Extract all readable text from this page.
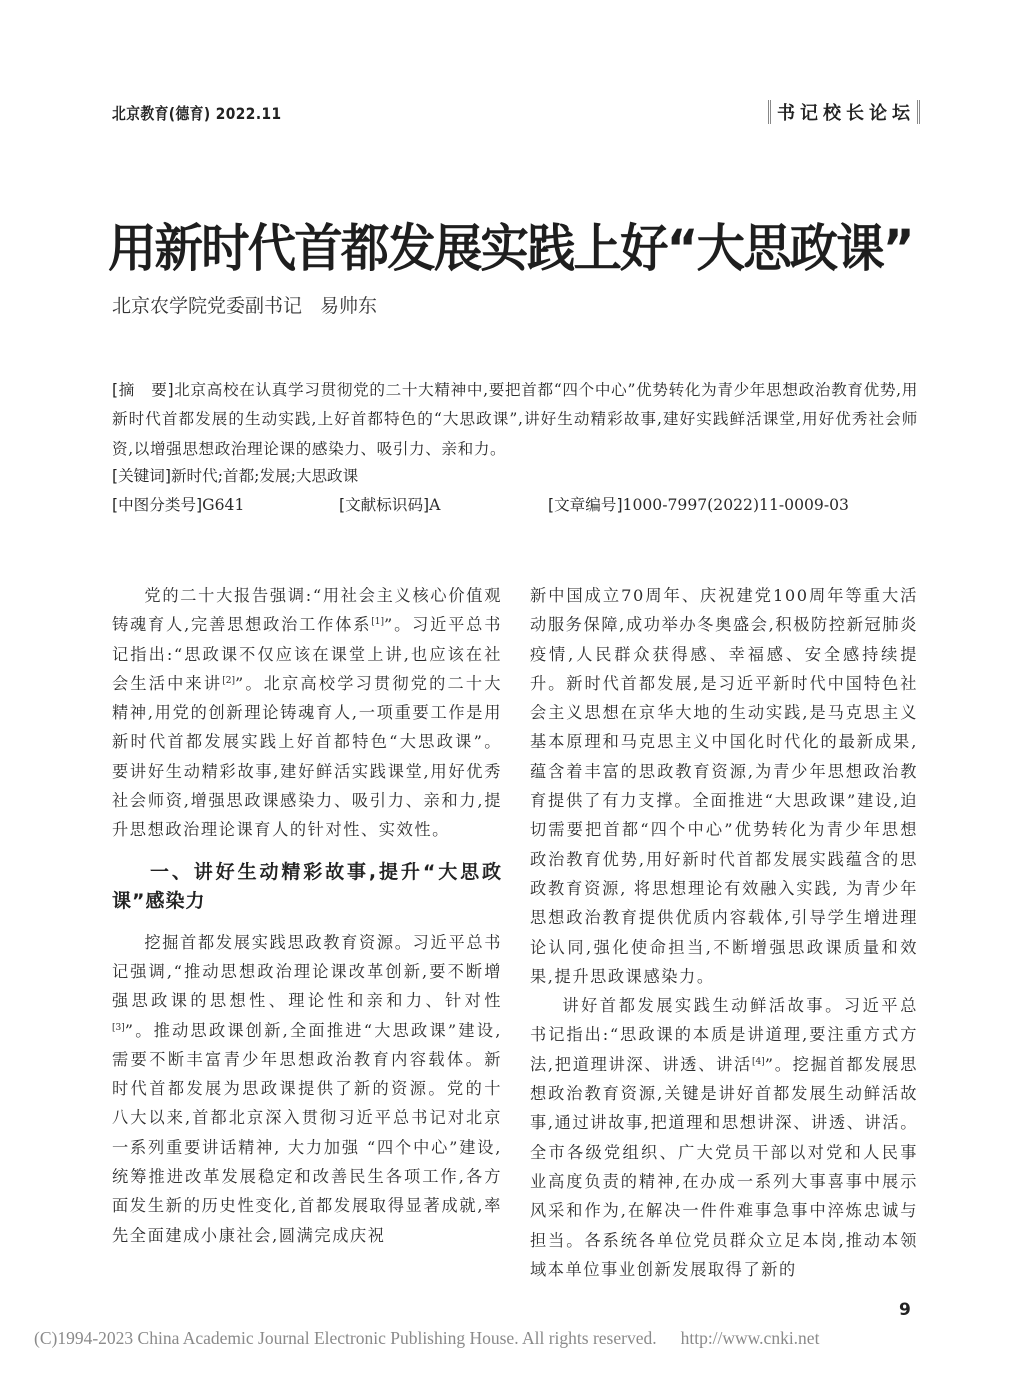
北京教育(德育) 2022.11	书记校长论坛
用新时代首都发展实践上好“大思政课”
北京农学院党委副书记 易帅东
[摘　要]北京高校在认真学习贯彻党的二十大精神中,要把首都“四个中心”优势转化为青少年思想政治教育优势,用新时代首都发展的生动实践,上好首都特色的“大思政课”,讲好生动精彩故事,建好实践鲜活课堂,用好优秀社会师资,以增强思想政治理论课的感染力、吸引力、亲和力。
[关键词]新时代;首都;发展;大思政课
[中图分类号]G641	[文献标识码]A	[文章编号]1000-7997(2022)11-0009-03

党的二十大报告强调:“用社会主义核心价值观铸魂育人,完善思想政治工作体系[1]”。习近平总书记指出:“思政课不仅应该在课堂上讲,也应该在社会生活中来讲[2]”。北京高校学习贯彻党的二十大精神,用党的创新理论铸魂育人,一项重要工作是用新时代首都发展实践上好首都特色“大思政课”。要讲好生动精彩故事,建好鲜活实践课堂,用好优秀社会师资,增强思政课感染力、吸引力、亲和力,提升思想政治理论课育人的针对性、实效性。

一、讲好生动精彩故事,提升“大思政课”感染力

挖掘首都发展实践思政教育资源。习近平总书记强调,“推动思想政治理论课改革创新,要不断增强思政课的思想性、理论性和亲和力、针对性[3]”。推动思政课创新,全面推进“大思政课”建设,需要不断丰富青少年思想政治教育内容载体。新时代首都发展为思政课提供了新的资源。党的十八大以来,首都北京深入贯彻习近平总书记对北京一系列重要讲话精神, 大力加强 “四个中心”建设, 统筹推进改革发展稳定和改善民生各项工作,各方面发生新的历史性变化,首都发展取得显著成就,率先全面建成小康社会,圆满完成庆祝

新中国成立70周年、庆祝建党100周年等重大活动服务保障,成功举办冬奥盛会,积极防控新冠肺炎疫情,人民群众获得感、幸福感、安全感持续提升。新时代首都发展,是习近平新时代中国特色社会主义思想在京华大地的生动实践,是马克思主义基本原理和马克思主义中国化时代化的最新成果,蕴含着丰富的思政教育资源,为青少年思想政治教育提供了有力支撑。全面推进“大思政课”建设,迫切需要把首都“四个中心”优势转化为青少年思想政治教育优势,用好新时代首都发展实践蕴含的思政教育资源, 将思想理论有效融入实践, 为青少年思想政治教育提供优质内容载体,引导学生增进理论认同,强化使命担当,不断增强思政课质量和效果,提升思政课感染力。

讲好首都发展实践生动鲜活故事。习近平总书记指出:“思政课的本质是讲道理,要注重方式方法,把道理讲深、讲透、讲活[4]”。挖掘首都发展思想政治教育资源,关键是讲好首都发展生动鲜活故事,通过讲故事,把道理和思想讲深、讲透、讲活。全市各级党组织、广大党员干部以对党和人民事业高度负责的精神,在办成一系列大事喜事中展示风采和作为,在解决一件件难事急事中淬炼忠诚与担当。各系统各单位党员群众立足本岗,推动本领域本单位事业创新发展取得了新的

9
(C)1994-2023 China Academic Journal Electronic Publishing House. All rights reserved. http://www.cnki.net
